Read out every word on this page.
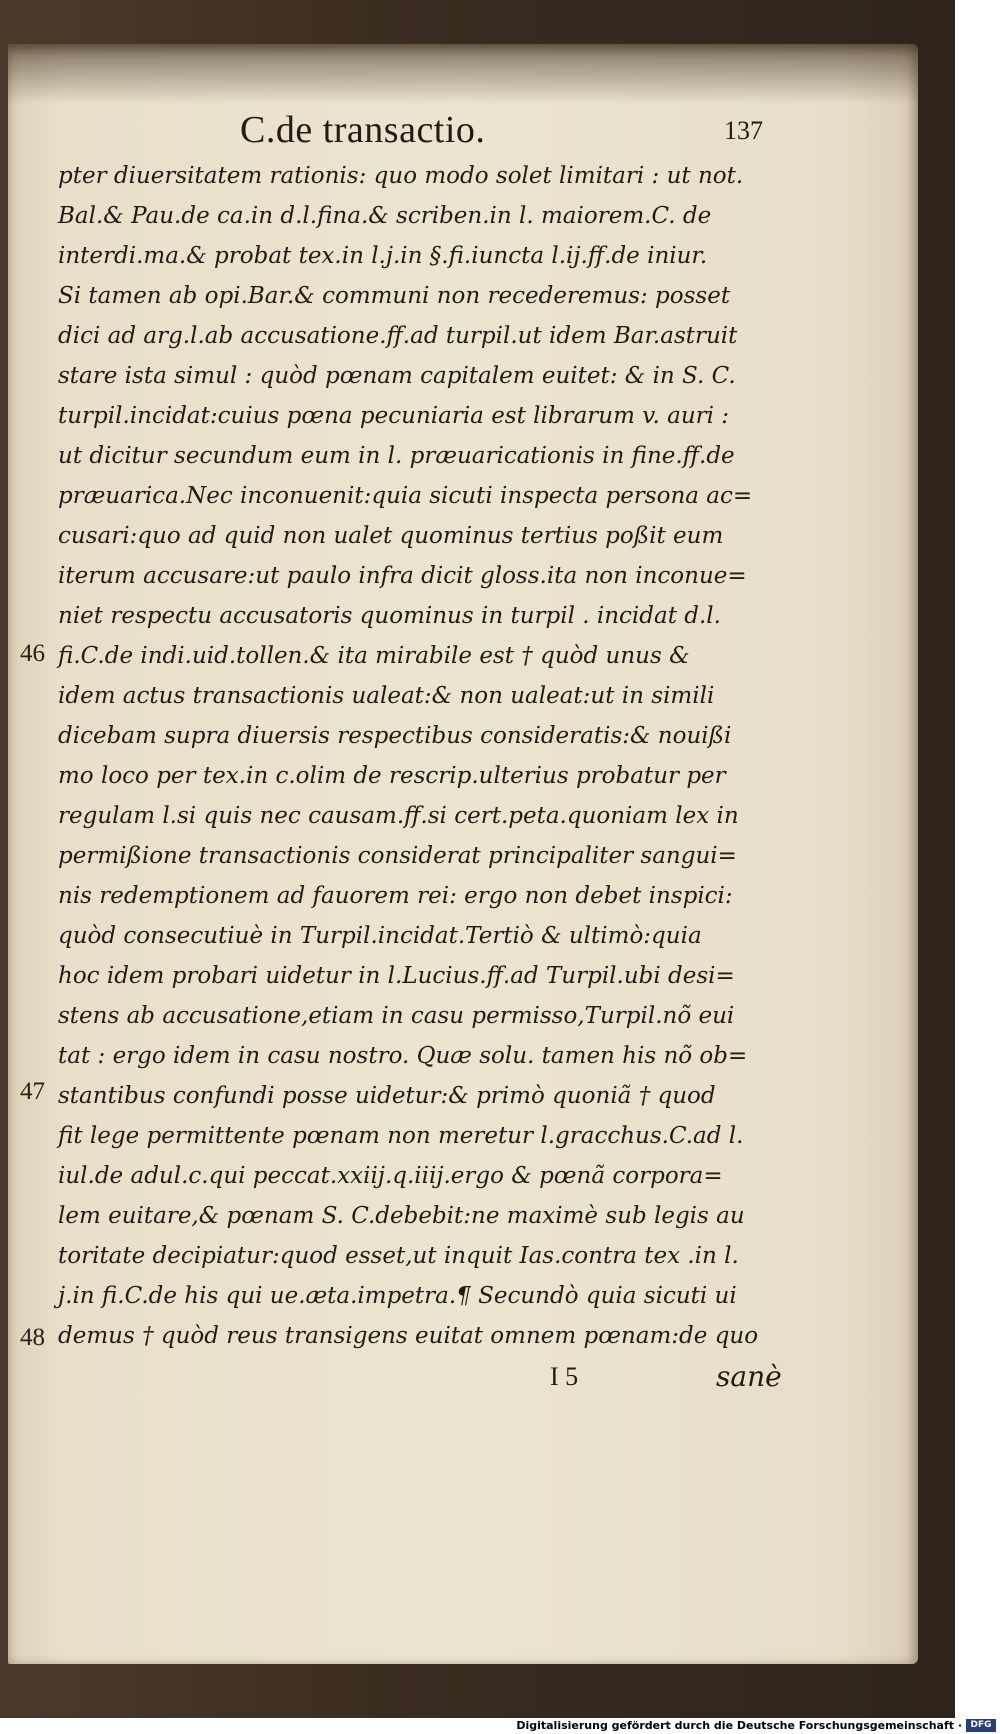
C.de transactio.	137
46
47
48
pter diuersitatem rationis: quo modo solet limitari : ut not.
Bal.& Pau.de ca.in d.l.fina.& scriben.in l. maiorem.C. de
interdi.ma.& probat tex.in l.j.in §.fi.iuncta l.ij.ff.de iniur.
Si tamen ab opi.Bar.& communi non recederemus: posset
dici ad arg.l.ab accusatione.ff.ad turpil.ut idem Bar.astruit
stare ista simul : quòd pœnam capitalem euitet: & in S. C.
turpil.incidat:cuius pœna pecuniaria est librarum v. auri :
ut dicitur secundum eum in l. præuaricationis in fine.ff.de
præuarica.Nec inconuenit:quia sicuti inspecta persona ac=
cusari:quo ad quid non ualet quominus tertius poßit eum
iterum accusare:ut paulo infra dicit gloss.ita non inconue=
niet respectu accusatoris quominus in turpil . incidat d.l.
fi.C.de indi.uid.tollen.& ita mirabile est † quòd unus &
idem actus transactionis ualeat:& non ualeat:ut in simili
dicebam supra diuersis respectibus consideratis:& nouißi
mo loco per tex.in c.olim de rescrip.ulterius probatur per
regulam l.si quis nec causam.ff.si cert.peta.quoniam lex in
permißione transactionis considerat principaliter sangui=
nis redemptionem ad fauorem rei: ergo non debet inspici:
quòd consecutiuè in Turpil.incidat.Tertiò & ultimò:quia
hoc idem probari uidetur in l.Lucius.ff.ad Turpil.ubi desi=
stens ab accusatione,etiam in casu permisso,Turpil.nõ eui
tat : ergo idem in casu nostro. Quæ solu. tamen his nõ ob=
stantibus confundi posse uidetur:& primò quoniã † quod
fit lege permittente pœnam non meretur l.gracchus.C.ad l.
iul.de adul.c.qui peccat.xxiij.q.iiij.ergo & pœnã corpora=
lem euitare,& pœnam S. C.debebit:ne maximè sub legis au
toritate decipiatur:quod esset,ut inquit Ias.contra tex .in l.
j.in fi.C.de his qui ue.æta.impetra.¶ Secundò quia sicuti ui
demus † quòd reus transigens euitat omnem pœnam:de quo
I 5	sanè
Digitalisierung gefördert durch die Deutsche Forschungsgemeinschaft · DFG
